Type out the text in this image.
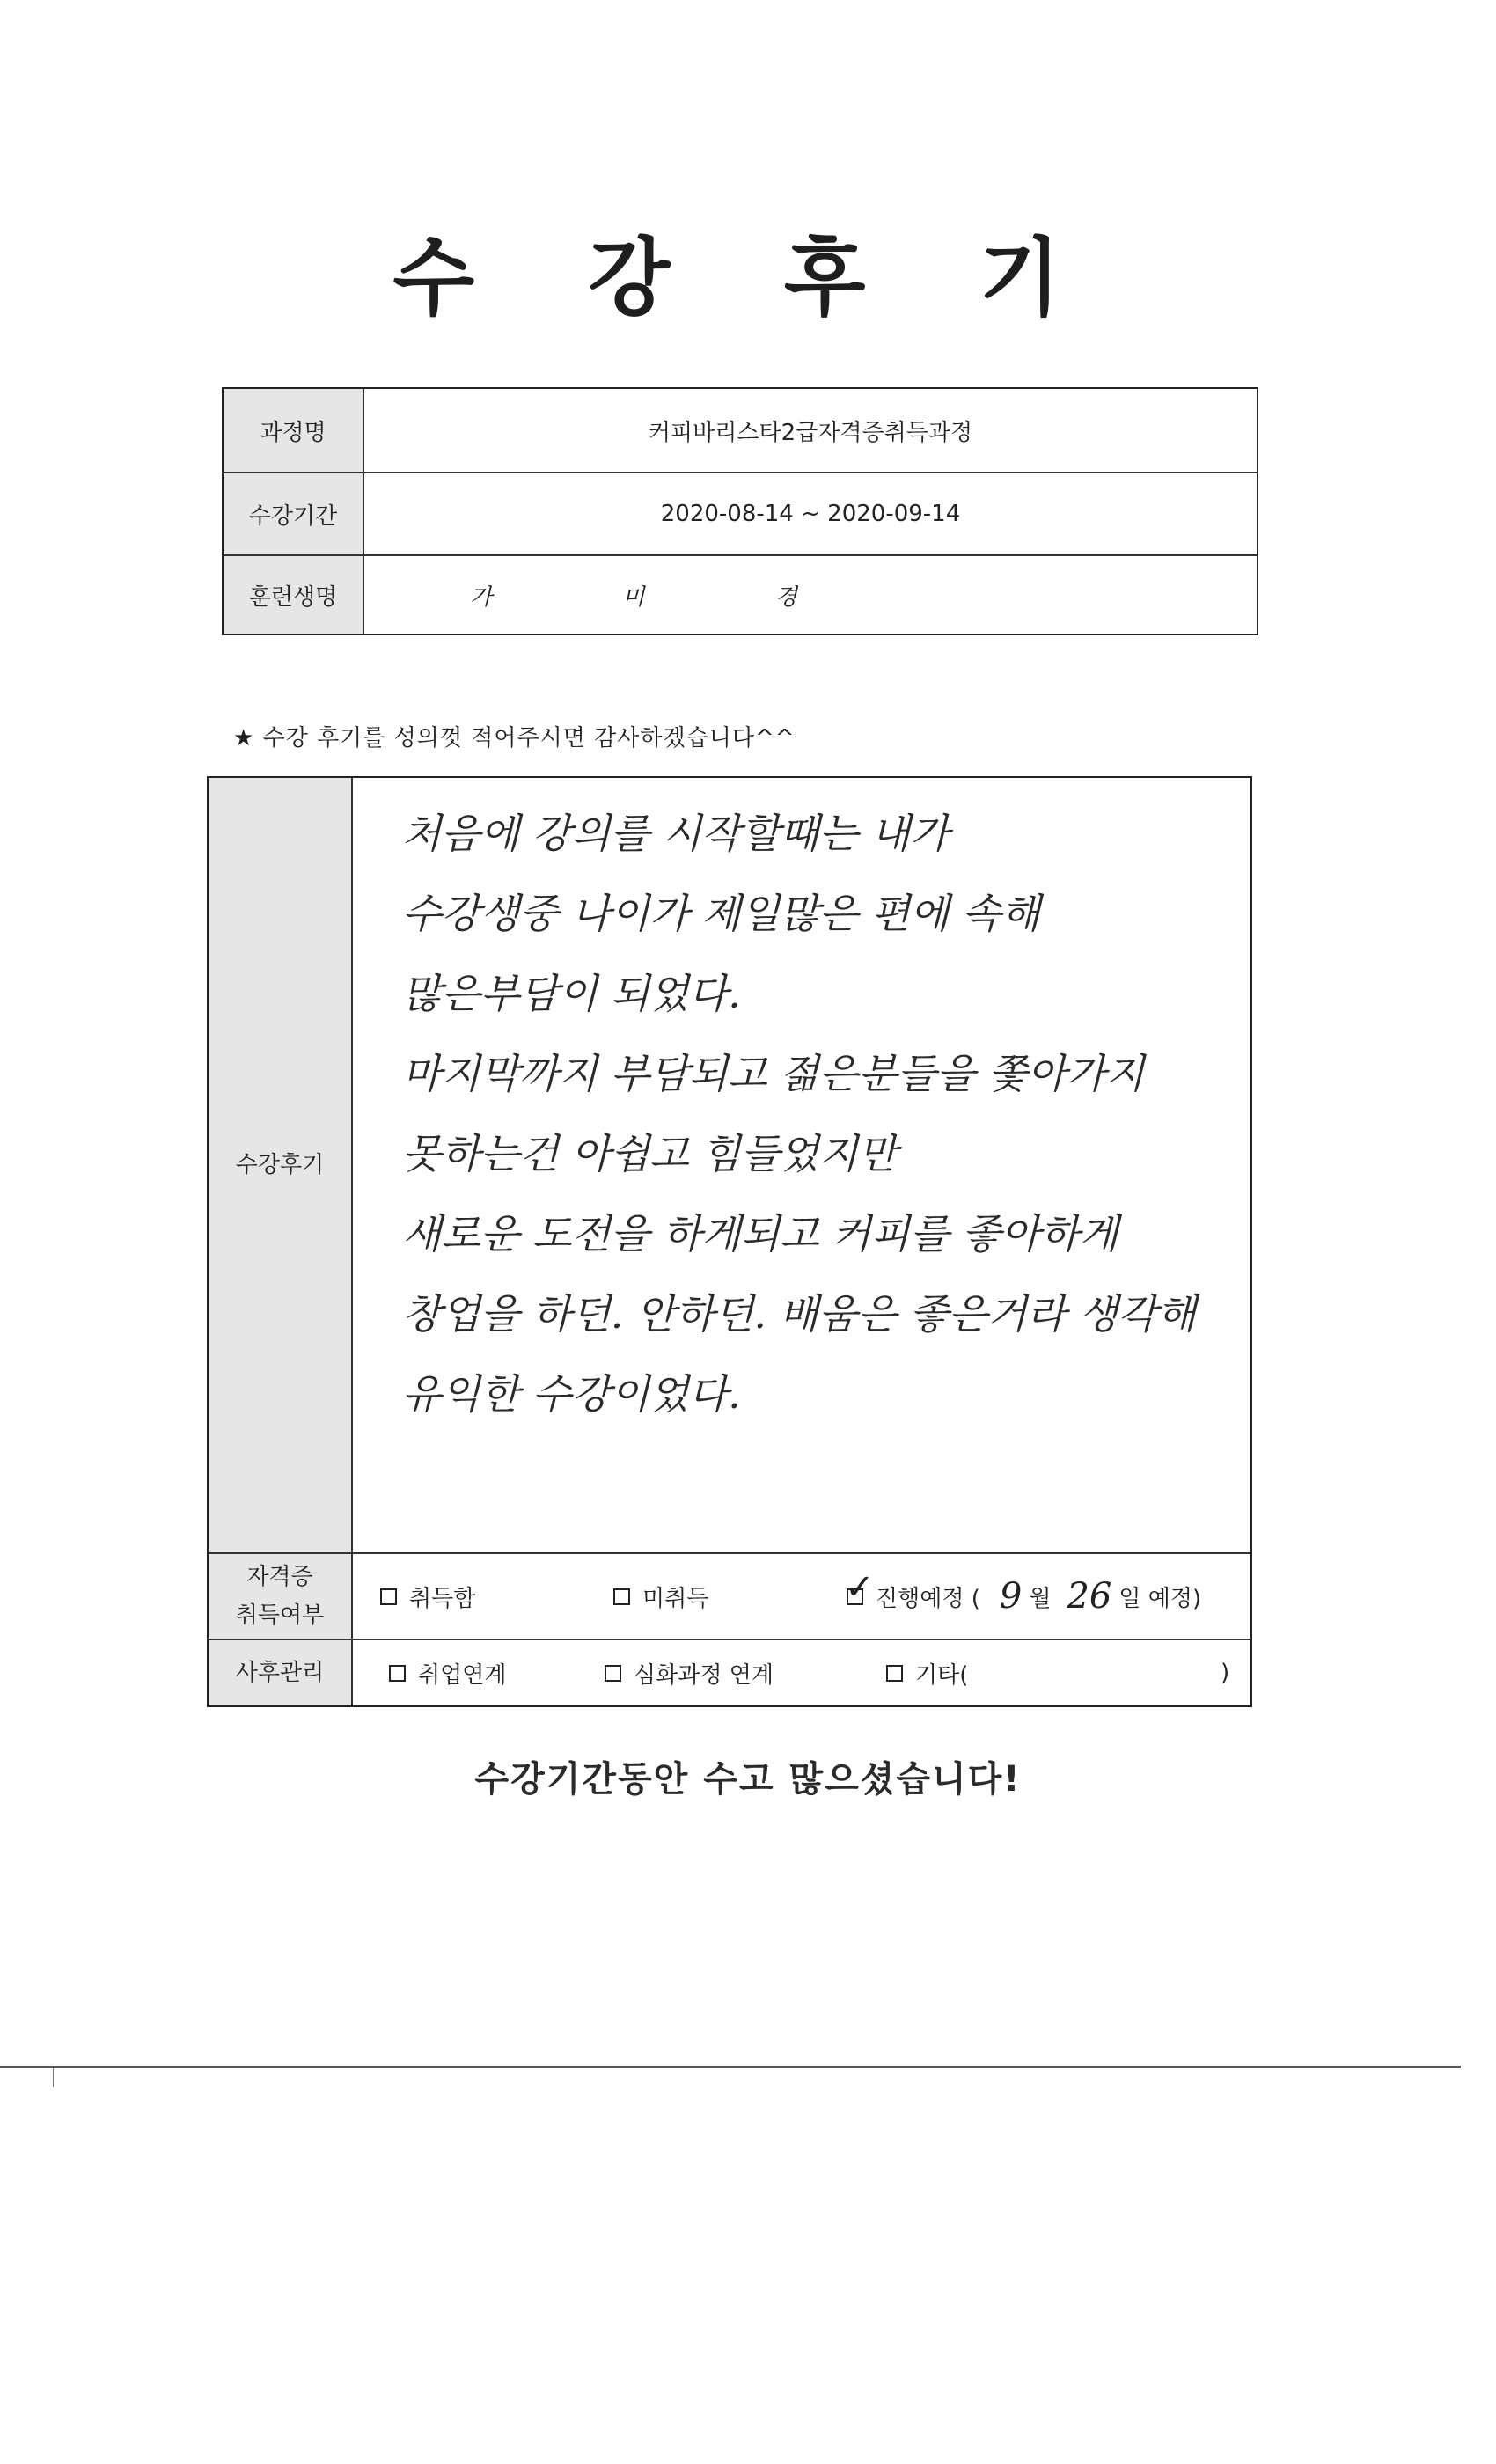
수 강 후 기
과정명	커피바리스타2급자격증취득과정
수강기간	2020-08-14 ~ 2020-09-14
훈련생명	가 미 경
★ 수강 후기를 성의껏 적어주시면 감사하겠습니다^^
수강후기
처음에 강의를 시작할때는 내가
수강생중 나이가 제일많은 편에 속해
많은부담이 되었다.
마지막까지 부담되고 젊은분들을 쫓아가지
못하는건 아쉽고 힘들었지만
새로운 도전을 하게되고 커피를 좋아하게
창업을 하던. 안하던. 배움은 좋은거라 생각해
유익한 수강이었다.
자격증
취득여부
취득함	미취득	✓ 진행예정 ( 9 월 26 일 예정)
사후관리	취업연계	심화과정 연계	기타(	)
수강기간동안 수고 많으셨습니다!
